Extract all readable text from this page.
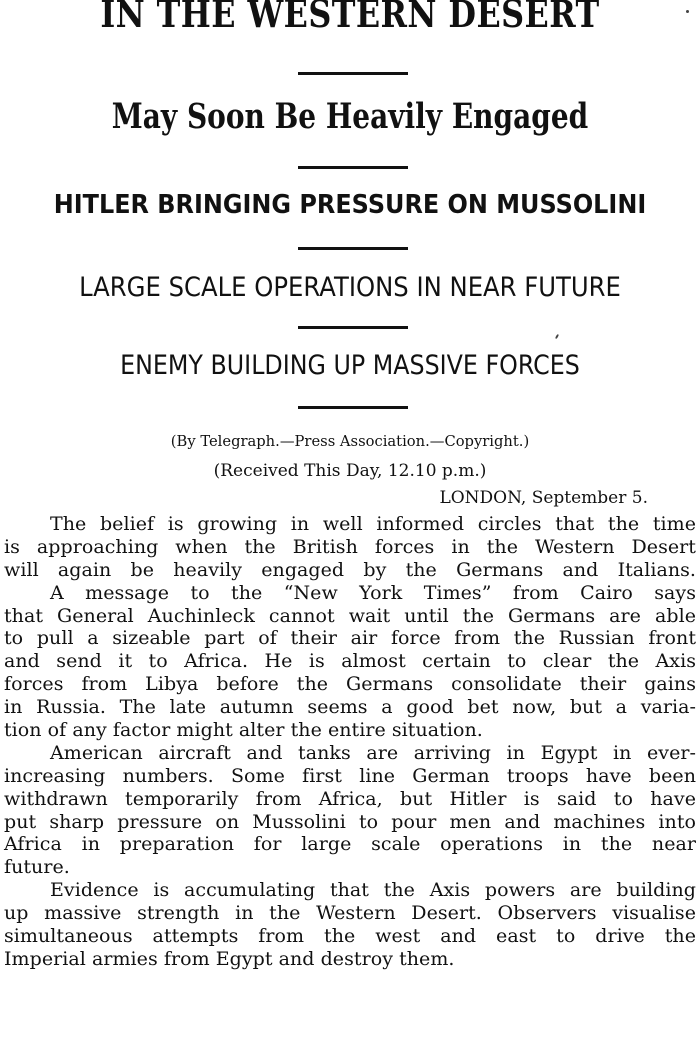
IN THE WESTERN DESERT
May Soon Be Heavily Engaged
HITLER BRINGING PRESSURE ON MUSSOLINI
LARGE SCALE OPERATIONS IN NEAR FUTURE
ENEMY BUILDING UP MASSIVE FORCES
(By Telegraph.—Press Association.—Copyright.)
(Received This Day, 12.10 p.m.)
LONDON, September 5.
The belief is growing in well informed circles that the time
is approaching when the British forces in the Western Desert
will again be heavily engaged by the Germans and Italians.
A message to the “New York Times” from Cairo says
that General Auchinleck cannot wait until the Germans are able
to pull a sizeable part of their air force from the Russian front
and send it to Africa. He is almost certain to clear the Axis
forces from Libya before the Germans consolidate their gains
in Russia. The late autumn seems a good bet now, but a varia-
tion of any factor might alter the entire situation.
American aircraft and tanks are arriving in Egypt in ever-
increasing numbers. Some first line German troops have been
withdrawn temporarily from Africa, but Hitler is said to have
put sharp pressure on Mussolini to pour men and machines into
Africa in preparation for large scale operations in the near
future.
Evidence is accumulating that the Axis powers are building
up massive strength in the Western Desert. Observers visualise
simultaneous attempts from the west and east to drive the
Imperial armies from Egypt and destroy them.
